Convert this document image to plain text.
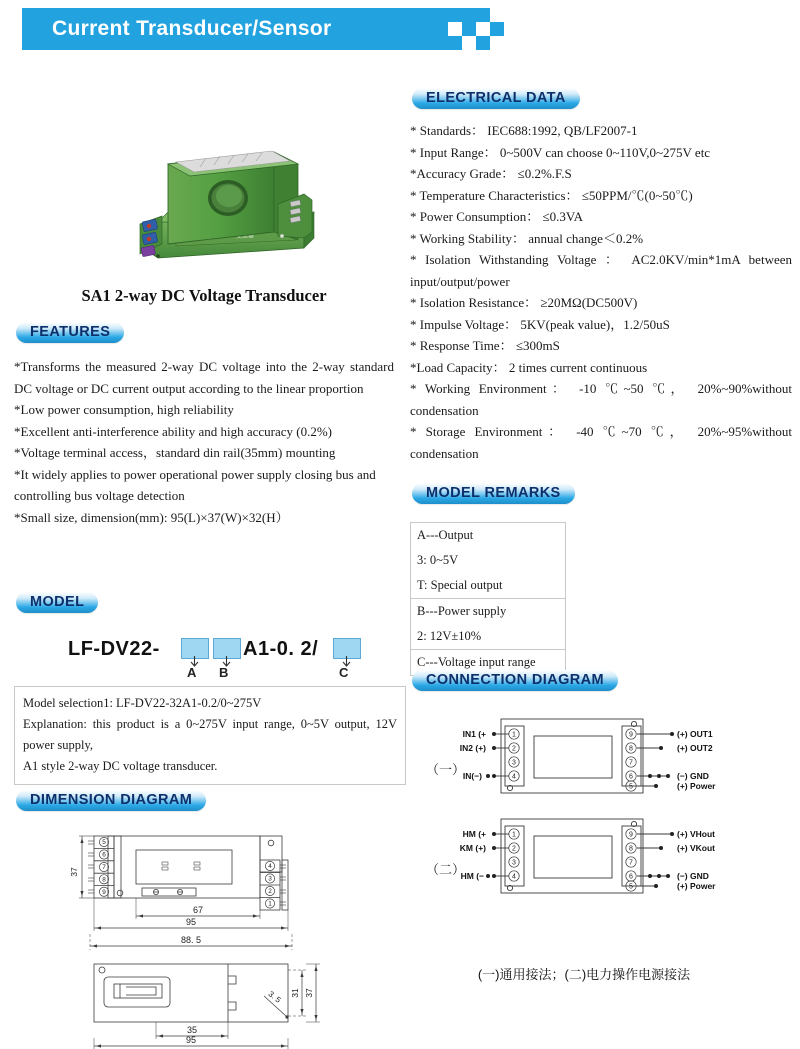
Current Transducer/Sensor
变送器
SA1 2-way DC Voltage Transducer
FEATURES

*Transforms the measured 2-way DC voltage into the 2-way standard DC voltage or DC current output according to the linear proportion

*Low power consumption, high reliability

*Excellent anti-interference ability and high accuracy (0.2%)

*Voltage terminal access，standard din rail(35mm) mounting

*It widely applies to power operational power supply closing bus and

controlling bus voltage detection

*Small size, dimension(mm): 95(L)×37(W)×32(H）

MODEL
LF-DV22-	A1-0. 2/
A B	C

Model selection1: LF-DV22-32A1-0.2/0~275V

Explanation: this product is a 0~275V input range, 0~5V output, 12V power supply,

A1 style 2-way DC voltage transducer.

DIMENSION DIAGRAM
5
6
7
8
9
4
3
2
1
37
67
95
88. 5
31 37
3. 5
35
95
ELECTRICAL DATA

* Standards： IEC688:1992, QB/LF2007-1

* Input Range： 0~500V can choose 0~110V,0~275V etc

*Accuracy Grade： ≤0.2%.F.S

* Temperature Characteristics： ≤50PPM/℃(0~50℃)

* Power Consumption： ≤0.3VA

* Working Stability： annual change＜0.2%

* Isolation Withstanding Voltage ： AC2.0KV/min*1mA between input/output/power

* Isolation Resistance： ≥20MΩ(DC500V)

* Impulse Voltage： 5KV(peak value)，1.2/50uS

* Response Time： ≤300mS

*Load Capacity： 2 times current continuous

* Working Environment： -10 ℃~50 ℃， 20%~90%without condensation

* Storage Environment： -40 ℃~70 ℃， 20%~95%without condensation

MODEL REMARKS
A---Output
3: 0~5V
T: Special output
B---Power supply
2: 12V±10%
C---Voltage input range
CONNECTION DIAGRAM
（一）
1
2
3
4
9
8
7
6
5
IN1 (+
IN2 (+)
IN(−)
(+) OUT1
(+) OUT2
(−) GND
(+) Power
（二）
1
2
3
4
9
8
7
6
5
HM (+
KM (+)
HM (−
(+) VHout
(+) VKout
(−) GND
(+) Power
(一)通用接法；(二)电力操作电源接法
